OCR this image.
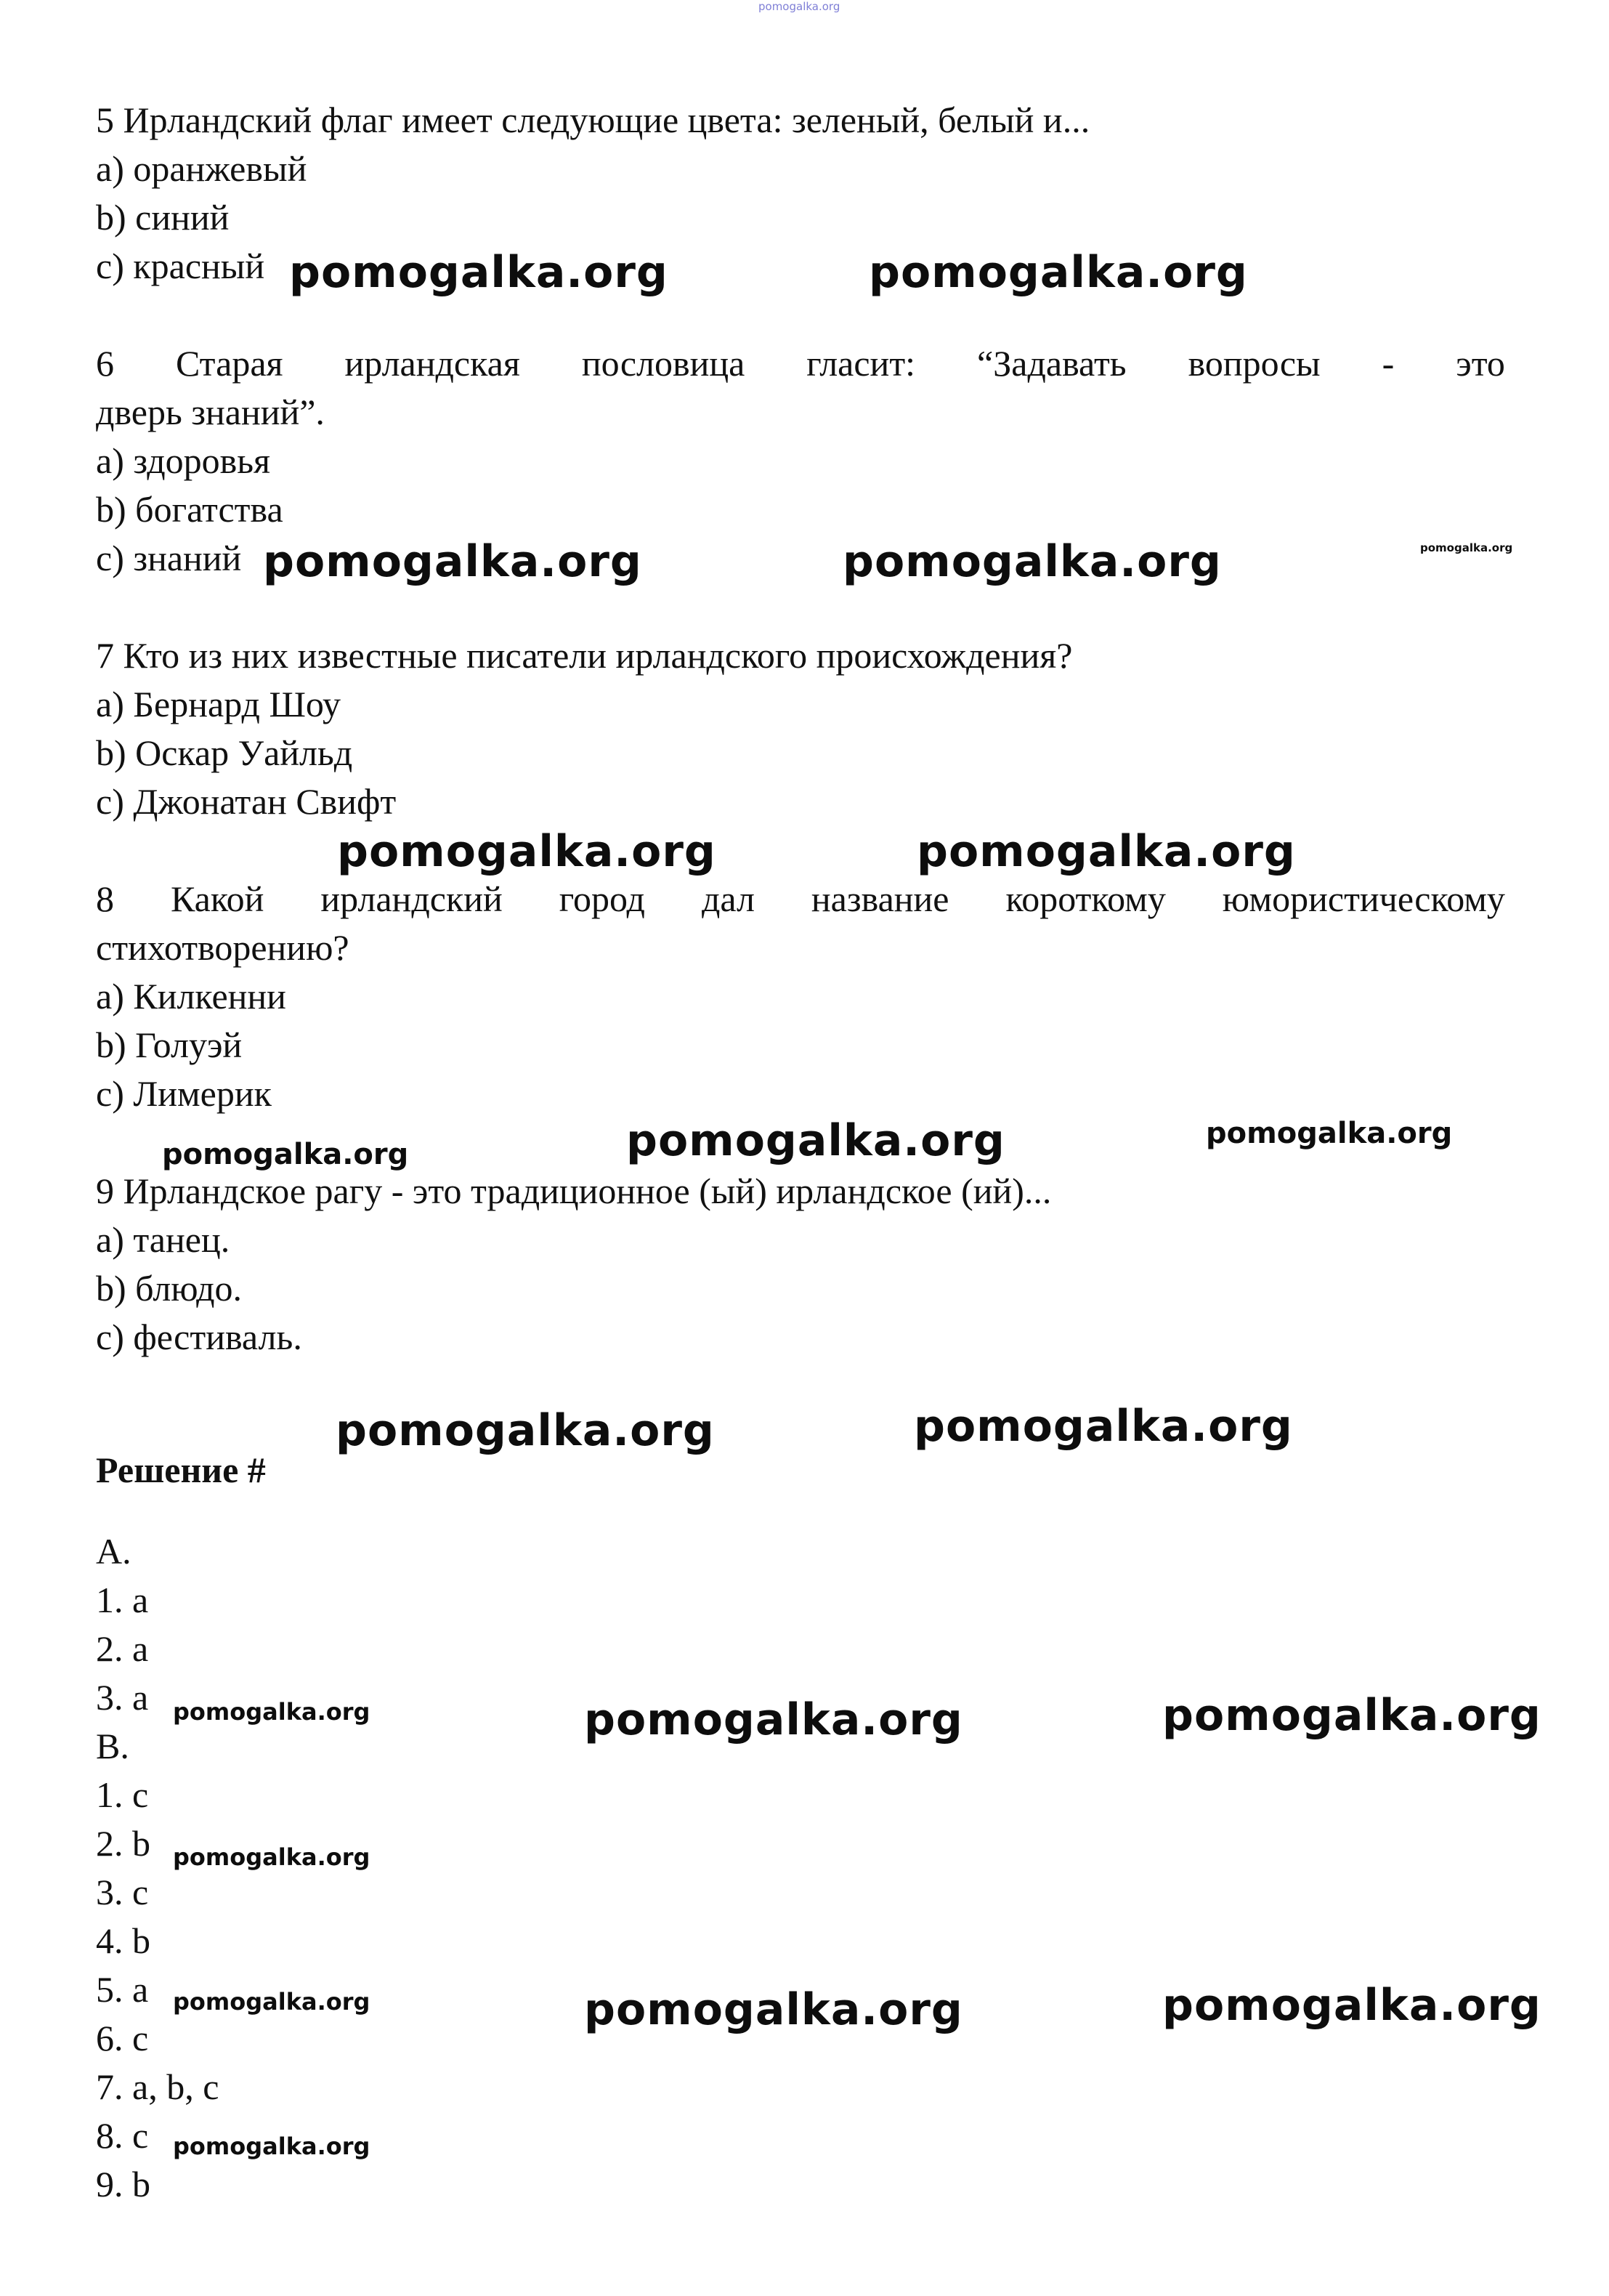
pomogalka.org
5 Ирландский флаг имеет следующие цвета: зеленый, белый и...
a) оранжевый
b) синий
c) красный
6 Старая ирландская пословица гласит: “Задавать вопросы - это
дверь знаний”.
a) здоровья
b) богатства
c) знаний
7 Кто из них известные писатели ирландского происхождения?
a) Бернард Шоу
b) Оскар Уайльд
c) Джонатан Свифт
8 Какой ирландский город дал название короткому юмористическому
стихотворению?
a) Килкенни
b) Голуэй
c) Лимерик
9 Ирландское рагу - это традиционное (ый) ирландское (ий)...
a) танец.
b) блюдо.
c) фестиваль.
Решение #
A.
1. a
2. a
3. a
B.
1. c
2. b
3. c
4. b
5. a
6. c
7. a, b, c
8. c
9. b
pomogalka.org	pomogalka.org
pomogalka.org	pomogalka.org	pomogalka.org
pomogalka.org	pomogalka.org
pomogalka.org	pomogalka.org	pomogalka.org
pomogalka.org	pomogalka.org
pomogalka.org	pomogalka.org	pomogalka.org
pomogalka.org
pomogalka.org	pomogalka.org	pomogalka.org
pomogalka.org
